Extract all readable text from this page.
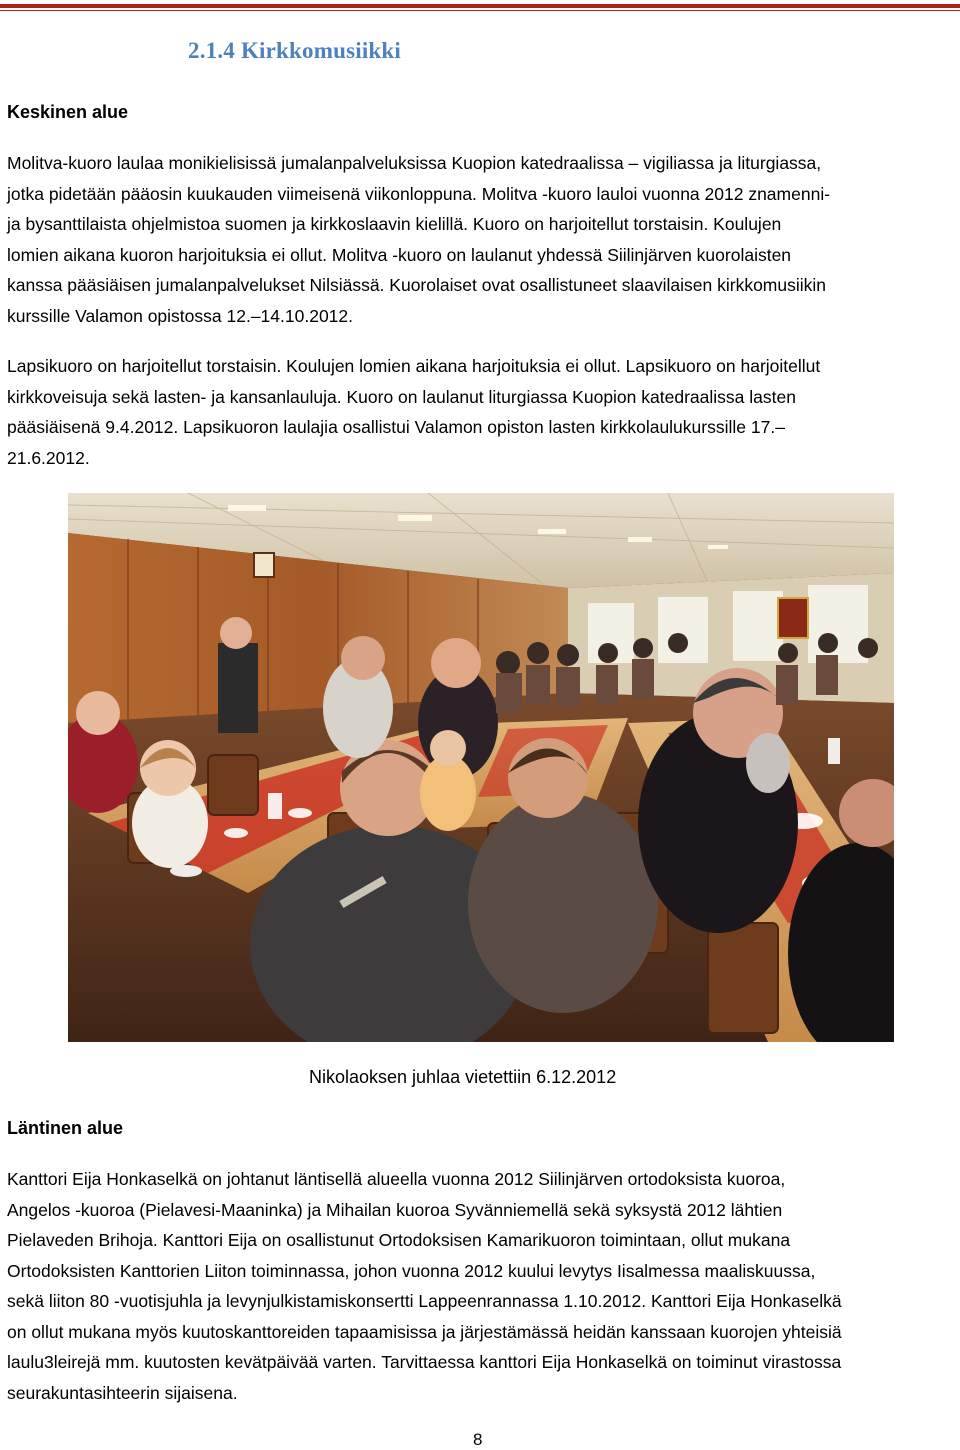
2.1.4 Kirkkomusiikki
Keskinen alue

Molitva-kuoro laulaa monikielisissä jumalanpalveluksissa Kuopion katedraalissa – vigiliassa ja liturgiassa,
jotka pidetään pääosin kuukauden viimeisenä viikonloppuna. Molitva -kuoro lauloi vuonna 2012 znamenni-
ja bysanttilaista ohjelmistoa suomen ja kirkkoslaavin kielillä. Kuoro on harjoitellut torstaisin. Koulujen
lomien aikana kuoron harjoituksia ei ollut. Molitva -kuoro on laulanut yhdessä Siilinjärven kuorolaisten
kanssa pääsiäisen jumalanpalvelukset Nilsiässä. Kuorolaiset ovat osallistuneet slaavilaisen kirkkomusiikin
kurssille Valamon opistossa 12.–14.10.2012.

Lapsikuoro on harjoitellut torstaisin. Koulujen lomien aikana harjoituksia ei ollut. Lapsikuoro on harjoitellut
kirkkoveisuja sekä lasten- ja kansanlauluja. Kuoro on laulanut liturgiassa Kuopion katedraalissa lasten
pääsiäisenä 9.4.2012. Lapsikuoron laulajia osallistui Valamon opiston lasten kirkkolaulukurssille 17.–
21.6.2012.

Nikolaoksen juhlaa vietettiin 6.12.2012
Läntinen alue

Kanttori Eija Honkaselkä on johtanut läntisellä alueella vuonna 2012 Siilinjärven ortodoksista kuoroa,
Angelos -kuoroa (Pielavesi-Maaninka) ja Mihailan kuoroa Syvänniemellä sekä syksystä 2012 lähtien
Pielaveden Brihoja. Kanttori Eija on osallistunut Ortodoksisen Kamarikuoron toimintaan, ollut mukana
Ortodoksisten Kanttorien Liiton toiminnassa, johon vuonna 2012 kuului levytys Iisalmessa maaliskuussa,
sekä liiton 80 -vuotisjuhla ja levynjulkistamiskonsertti Lappeenrannassa 1.10.2012. Kanttori Eija Honkaselkä
on ollut mukana myös kuutoskanttoreiden tapaamisissa ja järjestämässä heidän kanssaan kuorojen yhteisiä
laulu3leirejä mm. kuutosten kevätpäivää varten. Tarvittaessa kanttori Eija Honkaselkä on toiminut virastossa
seurakuntasihteerin sijaisena.

8
